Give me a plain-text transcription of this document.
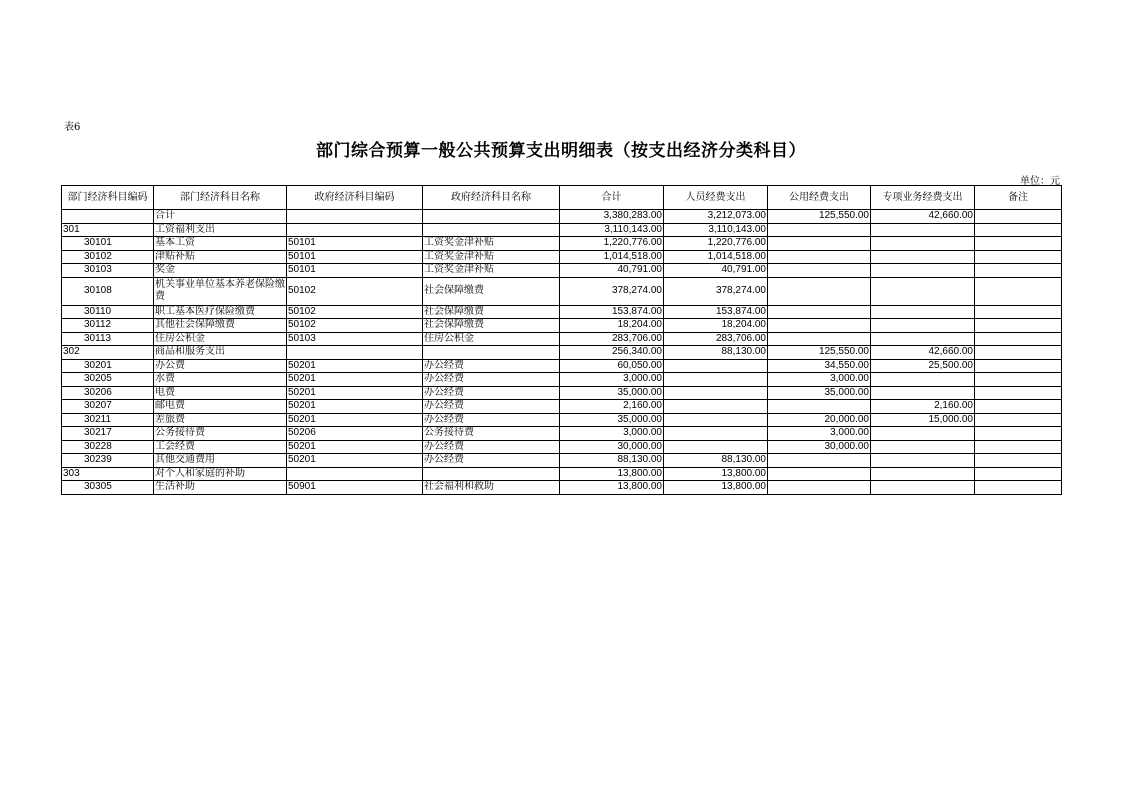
表6
部门综合预算一般公共预算支出明细表（按支出经济分类科目）
单位：元
部门经济科目编码	部门经济科目名称	政府经济科目编码	政府经济科目名称	合计	人员经费支出	公用经费支出	专项业务经费支出	备注
	合计			3,380,283.00	3,212,073.00	125,550.00	42,660.00	
301	工资福利支出			3,110,143.00	3,110,143.00			
30101	基本工资	50101	工资奖金津补贴	1,220,776.00	1,220,776.00			
30102	津贴补贴	50101	工资奖金津补贴	1,014,518.00	1,014,518.00			
30103	奖金	50101	工资奖金津补贴	40,791.00	40,791.00			
30108	机关事业单位基本养老保险缴费	50102	社会保障缴费	378,274.00	378,274.00			
30110	职工基本医疗保险缴费	50102	社会保障缴费	153,874.00	153,874.00			
30112	其他社会保障缴费	50102	社会保障缴费	18,204.00	18,204.00			
30113	住房公积金	50103	住房公积金	283,706.00	283,706.00			
302	商品和服务支出			256,340.00	88,130.00	125,550.00	42,660.00	
30201	办公费	50201	办公经费	60,050.00		34,550.00	25,500.00	
30205	水费	50201	办公经费	3,000.00		3,000.00		
30206	电费	50201	办公经费	35,000.00		35,000.00		
30207	邮电费	50201	办公经费	2,160.00			2,160.00	
30211	差旅费	50201	办公经费	35,000.00		20,000.00	15,000.00	
30217	公务接待费	50206	公务接待费	3,000.00		3,000.00		
30228	工会经费	50201	办公经费	30,000.00		30,000.00		
30239	其他交通费用	50201	办公经费	88,130.00	88,130.00			
303	对个人和家庭的补助			13,800.00	13,800.00			
30305	生活补助	50901	社会福利和救助	13,800.00	13,800.00			
